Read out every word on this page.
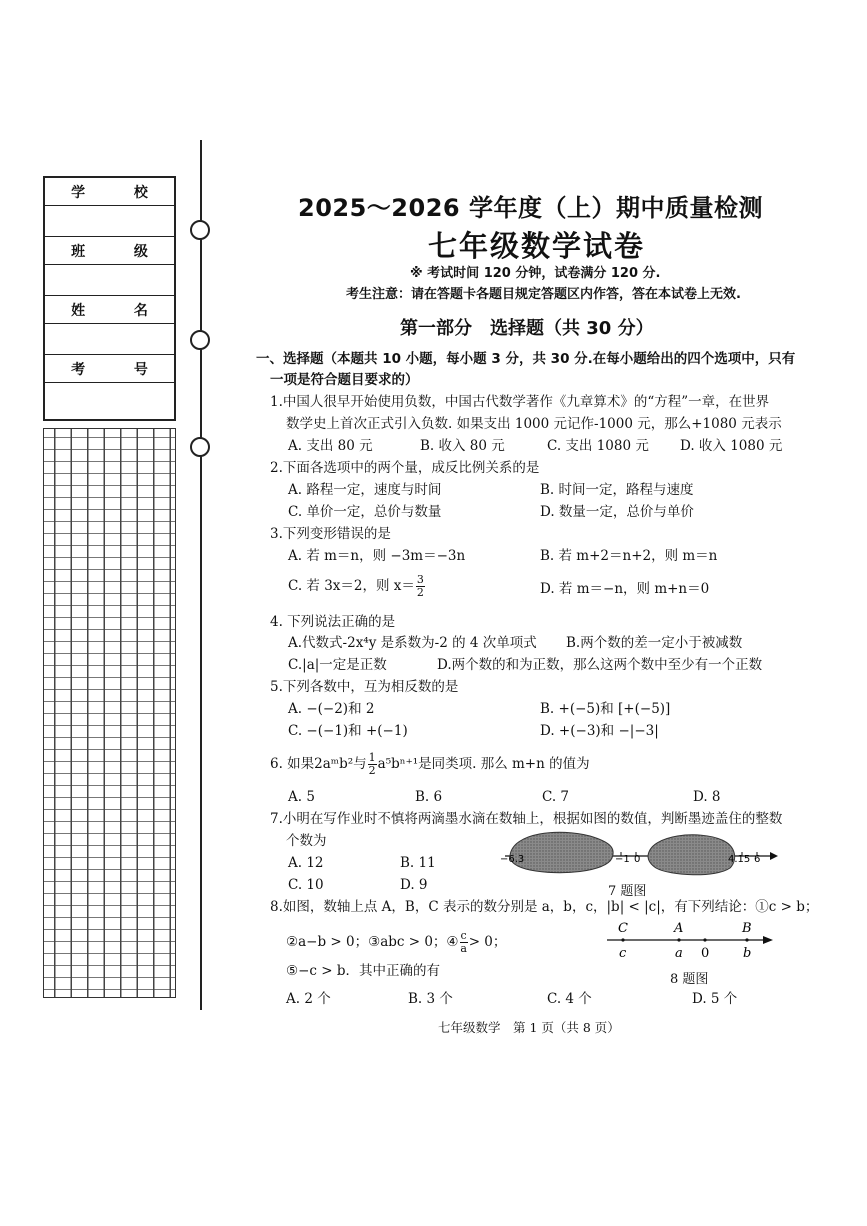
学 校
班 级
姓 名
考 号
2025～2026 学年度（上）期中质量检测
七年级数学试卷
※ 考试时间 120 分钟，试卷满分 120 分.
考生注意：请在答题卡各题目规定答题区内作答，答在本试卷上无效.
第一部分　选择题（共 30 分）
一、选择题（本题共 10 小题，每小题 3 分，共 30 分.在每小题给出的四个选项中，只有
一项是符合题目要求的）
1.中国人很早开始使用负数，中国古代数学著作《九章算术》的“方程”一章，在世界
数学史上首次正式引入负数. 如果支出 1000 元记作-1000 元，那么+1080 元表示
A. 支出 80 元	B. 收入 80 元	C. 支出 1080 元 D. 收入 1080 元
2.下面各选项中的两个量，成反比例关系的是
A. 路程一定，速度与时间	B. 时间一定，路程与速度
C. 单价一定，总价与数量	D. 数量一定，总价与单价
3.下列变形错误的是
A. 若 m＝n，则 −3m＝−3n	B. 若 m+2＝n+2，则 m＝n
C. 若 3x＝2，则 $x= \frac{3}{2}$	D. 若 m＝−n，则 m+n＝0
4. 下列说法正确的是
A.代数式-2x⁴y 是系数为-2 的 4 次单项式 B.两个数的差一定小于被减数
C.|a|一定是正数	D.两个数的和为正数，那么这两个数中至少有一个正数
5.下列各数中，互为相反数的是
A. −(−2)和 2	B. +(−5)和 [+(−5)]
C. −(−1)和 +(−1)	D. +(−3)和 −|−3|
6. 如果2aᵐb²与 $\frac{1}{2} a^5b^{n+1}$是同类项. 那么 m+n 的值为
A. 5	B. 6	C. 7	D. 8
7.小明在写作业时不慎将两滴墨水滴在数轴上，根据如图的数值，判断墨迹盖住的整数
个数为
A. 12	B. 11
C. 10	D. 9
−6.3	−1 0	4.15 6
7 题图
8.如图，数轴上点 A，B，C 表示的数分别是 a，b，c，|b| < |c|，有下列结论：①c > b；
②a−b > 0；③abc > 0；④ $\frac{c}{a} > 0$；
⑤−c > b．其中正确的有
C	A	B
c	a 0	b
8 题图
A. 2 个	B. 3 个	C. 4 个	D. 5 个
七年级数学　第 1 页（共 8 页）
